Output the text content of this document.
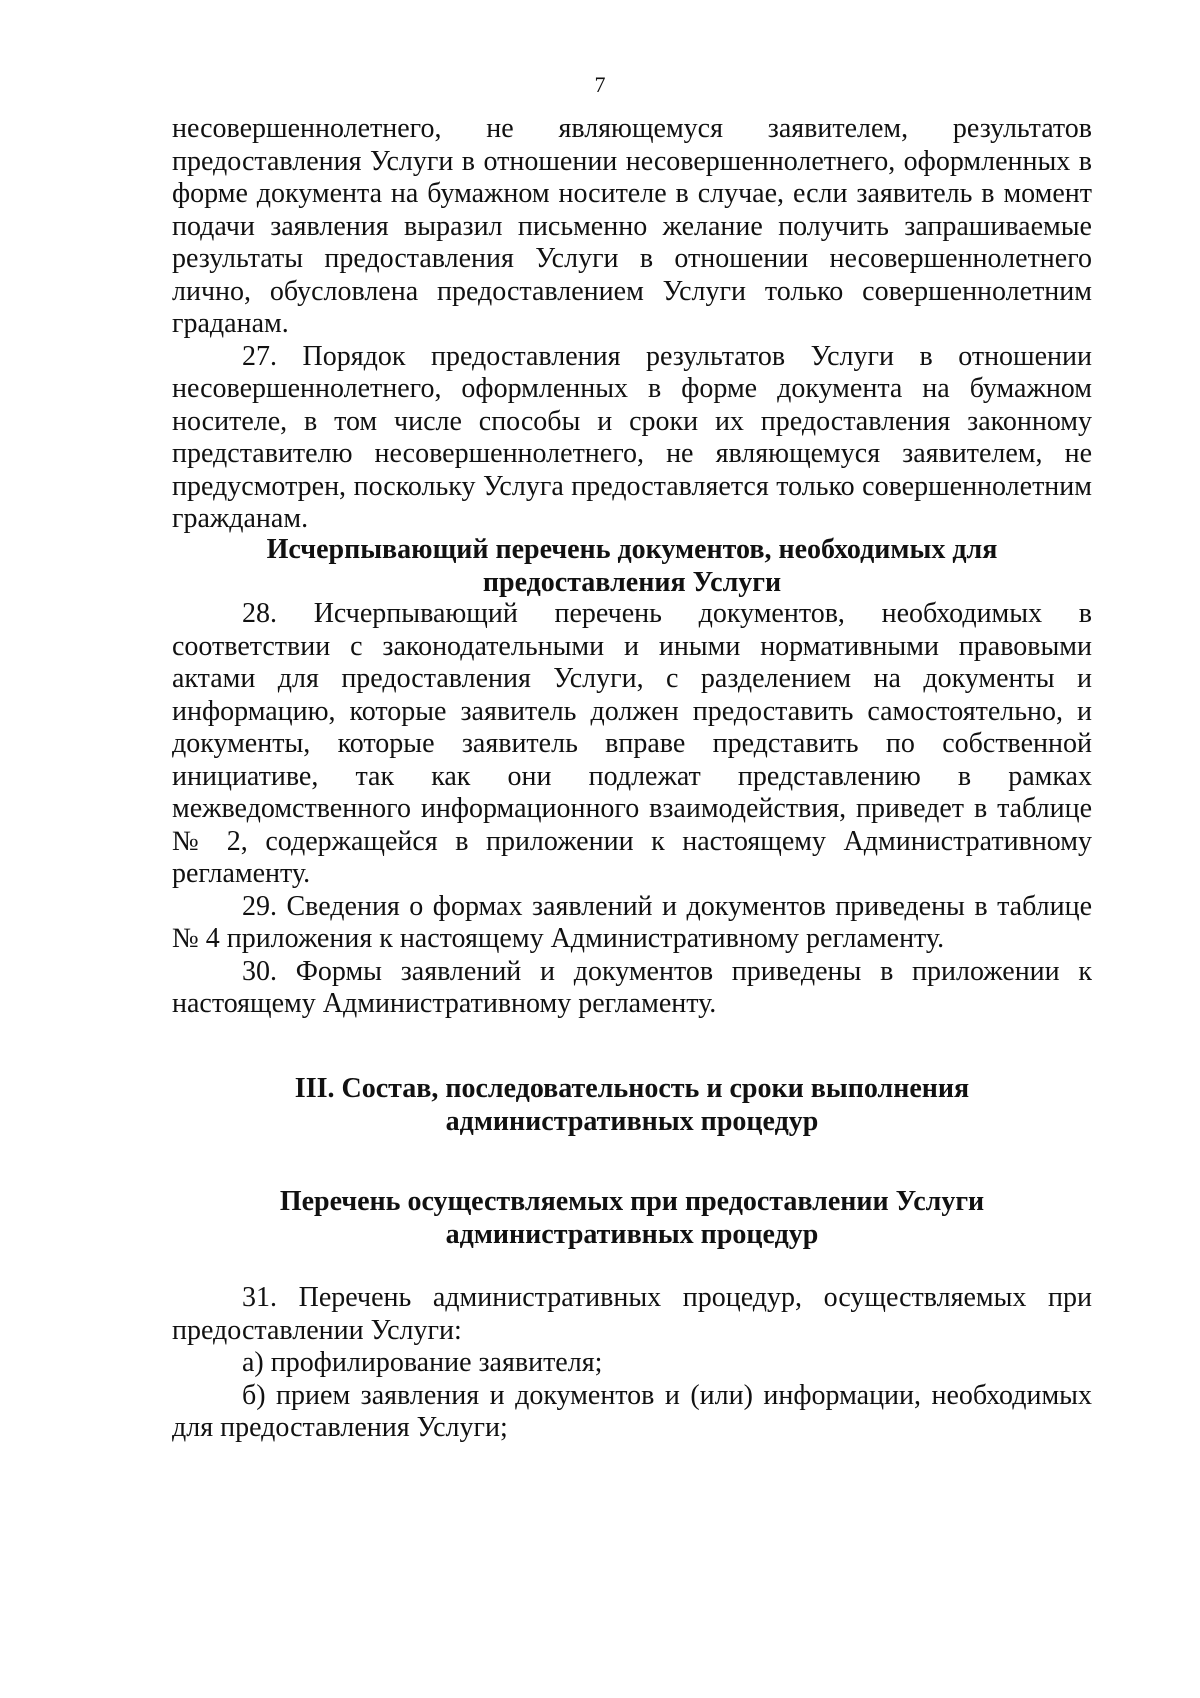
7

несовершеннолетнего, не являющемуся заявителем, результатов предоставления Услуги в отношении несовершеннолетнего, оформленных в форме документа на бумажном носителе в случае, если заявитель в момент подачи заявления выразил письменно желание получить запрашиваемые результаты предоставления Услуги в отношении несовершеннолетнего лично, обусловлена предоставлением Услуги только совершеннолетним граданам.

27. Порядок предоставления результатов Услуги в отношении несовершеннолетнего, оформленных в форме документа на бумажном носителе, в том числе способы и сроки их предоставления законному представителю несовершеннолетнего, не являющемуся заявителем, не предусмотрен, поскольку Услуга предоставляется только совершеннолетним гражданам.

Исчерпывающий перечень документов, необходимых для
предоставления Услуги

28. Исчерпывающий перечень документов, необходимых в соответствии с законодательными и иными нормативными правовыми актами для предоставления Услуги, с разделением на документы и информацию, которые заявитель должен предоставить самостоятельно, и документы, которые заявитель вправе представить по собственной инициативе, так как они подлежат представлению в рамках межведомственного информационного взаимодействия, приведет в таблице № 2, содержащейся в приложении к настоящему Административному регламенту.

29. Сведения о формах заявлений и документов приведены в таблице № 4 приложения к настоящему Административному регламенту.

30. Формы заявлений и документов приведены в приложении к настоящему Административному регламенту.

III. Состав, последовательность и сроки выполнения
административных процедур
Перечень осуществляемых при предоставлении Услуги
административных процедур

31. Перечень административных процедур, осуществляемых при предоставлении Услуги:

а) профилирование заявителя;

б) прием заявления и документов и (или) информации, необходимых для предоставления Услуги;
